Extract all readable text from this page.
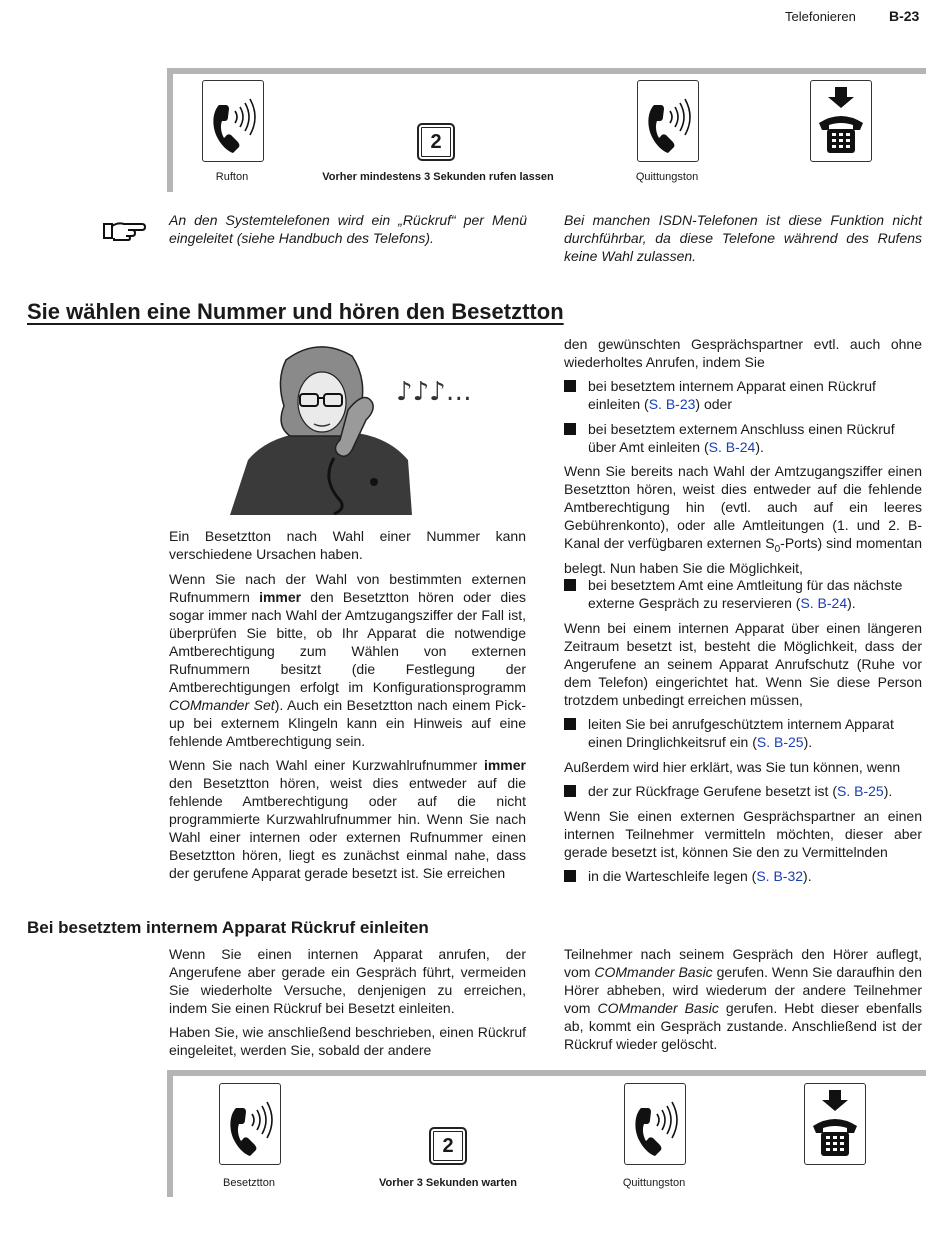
Telefonieren B-23
2
Rufton	Vorher mindestens 3 Sekunden rufen lassen	Quittungston
An den Systemtelefonen wird ein „Rückruf“ per Menü eingeleitet (siehe Handbuch des Telefons).
Bei manchen ISDN-Telefonen ist diese Funktion nicht durchführbar, da diese Telefone während des Rufens keine Wahl zulassen.
Sie wählen eine Nummer und hören den Besetztton
♪♪♪…
Ein Besetztton nach Wahl einer Nummer kann verschiedene Ursachen haben.
Wenn Sie nach der Wahl von bestimmten externen Rufnummern immer den Besetztton hören oder dies sogar immer nach Wahl der Amtzugangsziffer der Fall ist, überprüfen Sie bitte, ob Ihr Apparat die notwendige Amtberechtigung zum Wählen von externen Rufnummern besitzt (die Festlegung der Amtberechtigungen erfolgt im Konfigurationsprogramm COMmander Set). Auch ein Besetztton nach einem Pick-up bei externem Klingeln kann ein Hinweis auf eine fehlende Amtberechtigung sein.
Wenn Sie nach Wahl einer Kurzwahlrufnummer immer den Besetztton hören, weist dies entweder auf die fehlende Amtberechtigung oder auf die nicht programmierte Kurzwahlrufnummer hin. Wenn Sie nach Wahl einer internen oder externen Rufnummer einen Besetztton hören, liegt es zunächst einmal nahe, dass der gerufene Apparat gerade besetzt ist. Sie erreichen
den gewünschten Gesprächspartner evtl. auch ohne wiederholtes Anrufen, indem Sie
bei besetztem internem Apparat einen Rückruf einleiten (S. B-23) oder
bei besetztem externem Anschluss einen Rückruf über Amt einleiten (S. B-24).
Wenn Sie bereits nach Wahl der Amtzugangsziffer einen Besetztton hören, weist dies entweder auf die fehlende Amtberechtigung hin (evtl. auch auf ein leeres Gebührenkonto), oder alle Amtleitungen (1. und 2. B-Kanal der verfügbaren externen $S_0-Ports$) sind momentan belegt. Nun haben Sie die Möglichkeit,
bei besetztem Amt eine Amtleitung für das nächste externe Gespräch zu reservieren (S. B-24).
Wenn bei einem internen Apparat über einen längeren Zeitraum besetzt ist, besteht die Möglichkeit, dass der Angerufene an seinem Apparat Anrufschutz (Ruhe vor dem Telefon) eingerichtet hat. Wenn Sie diese Person trotzdem unbedingt erreichen müssen,
leiten Sie bei anrufgeschütztem internem Apparat einen Dringlichkeitsruf ein (S. B-25).
Außerdem wird hier erklärt, was Sie tun können, wenn
der zur Rückfrage Gerufene besetzt ist (S. B-25).
Wenn Sie einen externen Gesprächspartner an einen internen Teilnehmer vermitteln möchten, dieser aber gerade besetzt ist, können Sie den zu Vermittelnden
in die Warteschleife legen (S. B-32).
Bei besetztem internem Apparat Rückruf einleiten
Wenn Sie einen internen Apparat anrufen, der Angerufene aber gerade ein Gespräch führt, vermeiden Sie wiederholte Versuche, denjenigen zu erreichen, indem Sie einen Rückruf bei Besetzt einleiten.
Haben Sie, wie anschließend beschrieben, einen Rückruf eingeleitet, werden Sie, sobald der andere
Teilnehmer nach seinem Gespräch den Hörer auflegt, vom COMmander Basic gerufen. Wenn Sie daraufhin den Hörer abheben, wird wiederum der andere Teilnehmer vom COMmander Basic gerufen. Hebt dieser ebenfalls ab, kommt ein Gespräch zustande. Anschließend ist der Rückruf wieder gelöscht.
2
Besetztton	Vorher 3 Sekunden warten	Quittungston
